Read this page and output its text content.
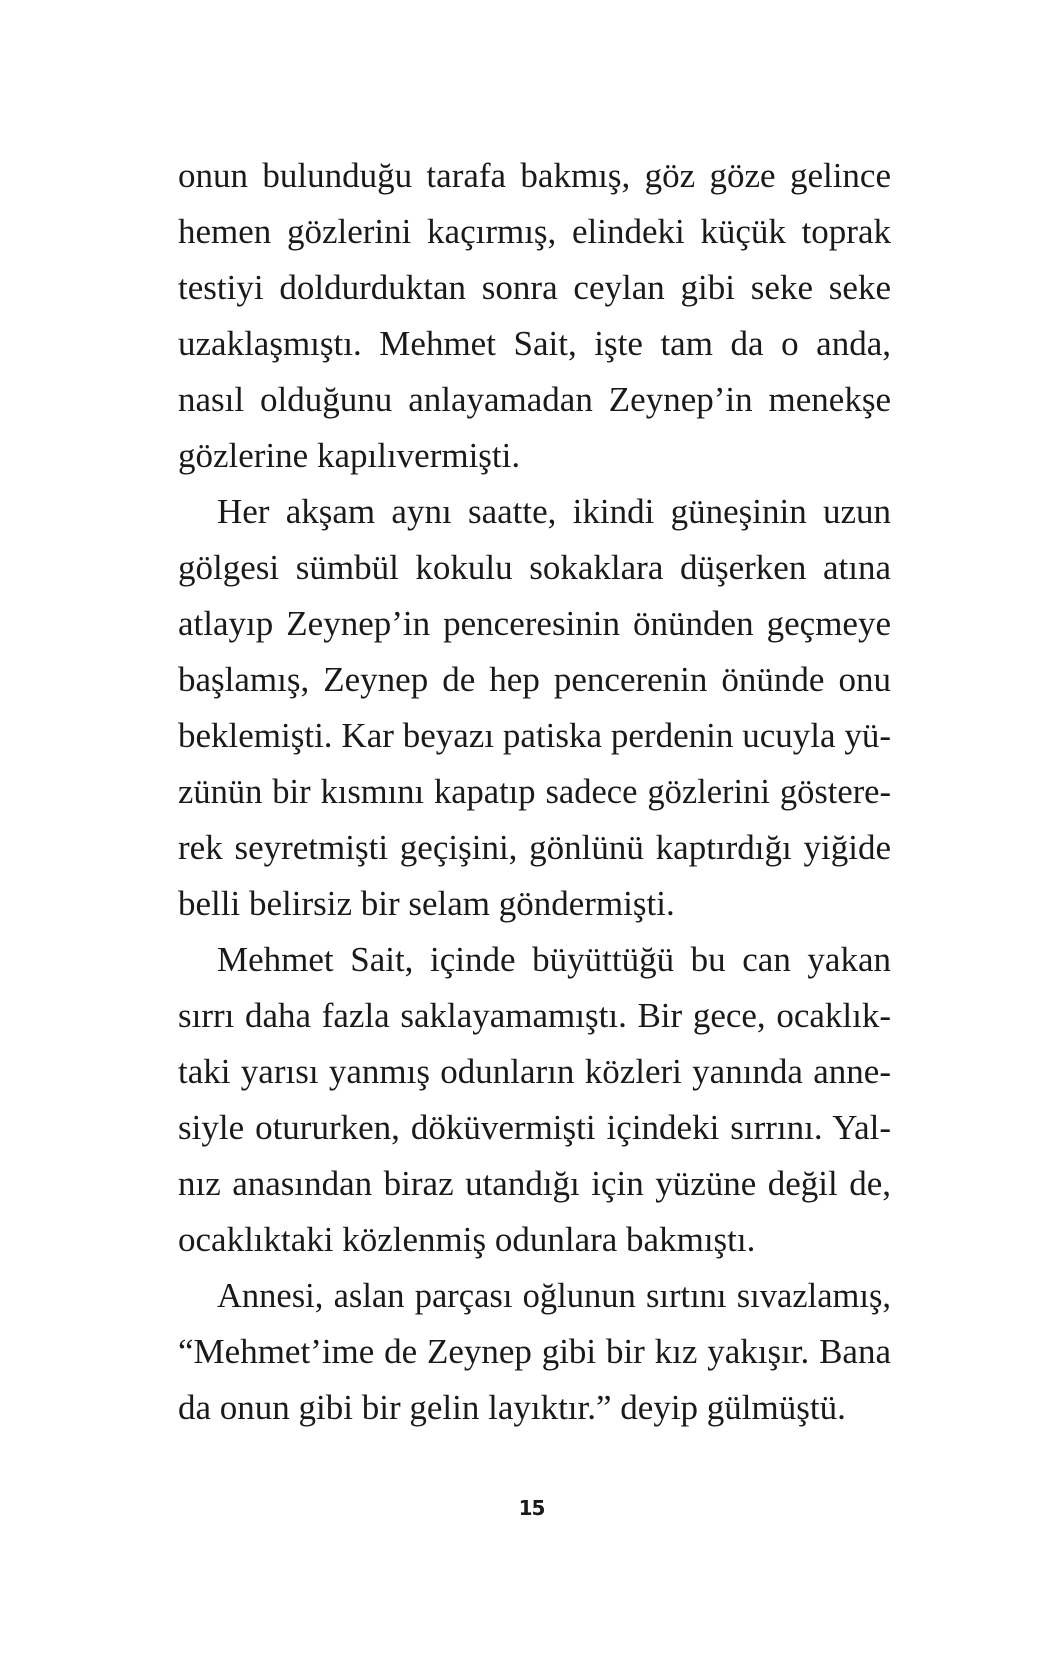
onun bulunduğu tarafa bakmış, göz göze gelince

hemen gözlerini kaçırmış, elindeki küçük toprak

testiyi doldurduktan sonra ceylan gibi seke seke

uzaklaşmıştı. Mehmet Sait, işte tam da o anda,

nasıl olduğunu anlayamadan Zeynep’in menekşe

gözlerine kapılıvermişti.

Her akşam aynı saatte, ikindi güneşinin uzun

gölgesi sümbül kokulu sokaklara düşerken atına

atlayıp Zeynep’in penceresinin önünden geçmeye

başlamış, Zeynep de hep pencerenin önünde onu

beklemişti. Kar beyazı patiska perdenin ucuyla yü-

zünün bir kısmını kapatıp sadece gözlerini göstere-

rek seyretmişti geçişini, gönlünü kaptırdığı yiğide

belli belirsiz bir selam göndermişti.

Mehmet Sait, içinde büyüttüğü bu can yakan

sırrı daha fazla saklayamamıştı. Bir gece, ocaklık-

taki yarısı yanmış odunların közleri yanında anne-

siyle otururken, döküvermişti içindeki sırrını. Yal-

nız anasından biraz utandığı için yüzüne değil de,

ocaklıktaki közlenmiş odunlara bakmıştı.

Annesi, aslan parçası oğlunun sırtını sıvazlamış,

“Mehmet’ime de Zeynep gibi bir kız yakışır. Bana

da onun gibi bir gelin layıktır.” deyip gülmüştü.

15
